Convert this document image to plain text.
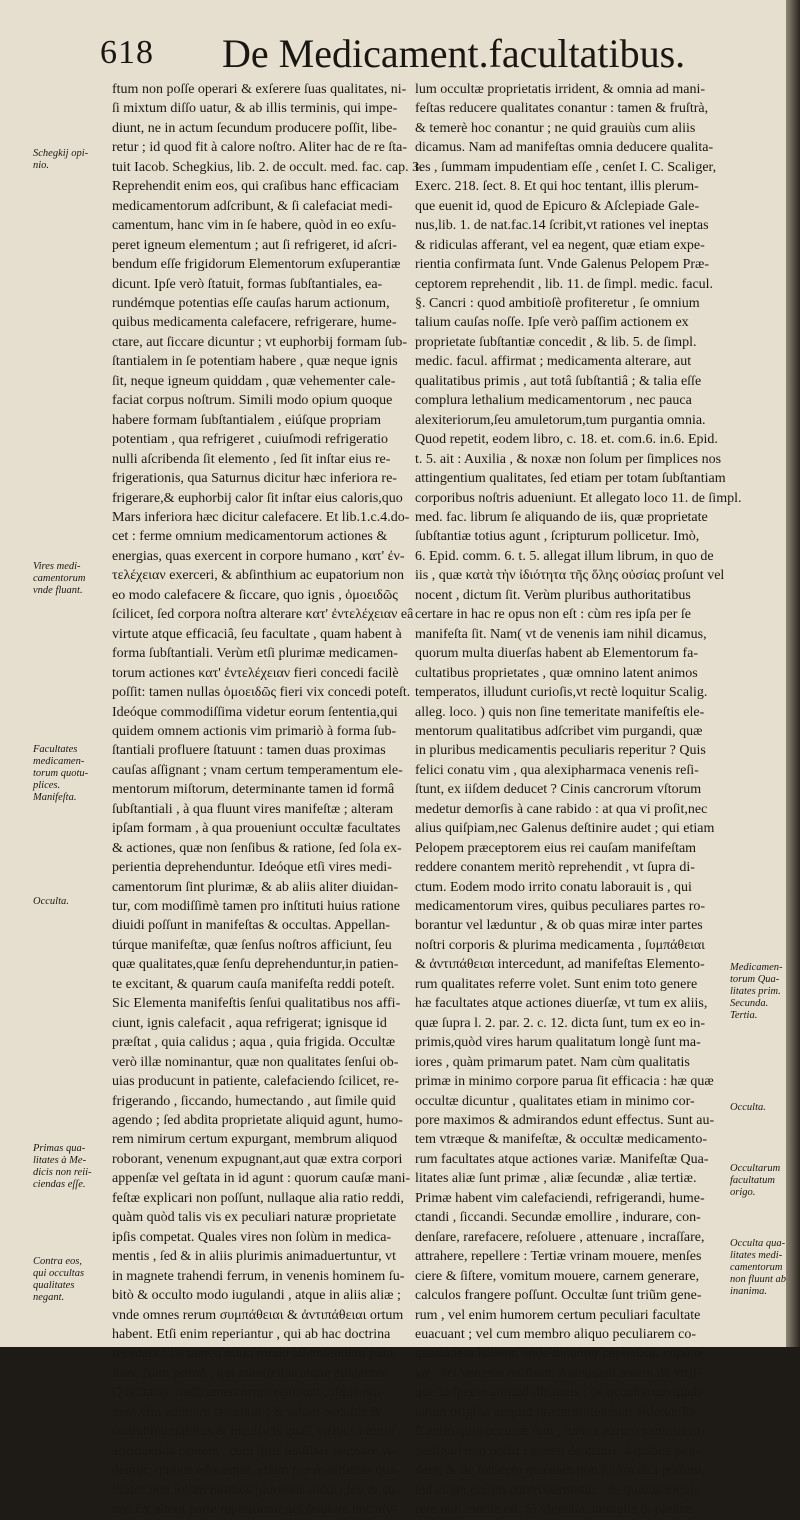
618 De Medicament.facultatibus.
ftum non poſſe operari & exſerere ſuas qualitates, ni-
ſi mixtum diſſo uatur, & ab illis terminis, qui impe-
diunt, ne in actum ſecundum producere poſſit, libe-
retur ; id quod fit à calore noſtro. Aliter hac de re ſta-
tuit Iacob. Schegkius, lib. 2. de occult. med. fac. cap. 3.
Reprehendit enim eos, qui craſibus hanc efficaciam
medicamentorum adſcribunt, & ſi calefaciat medi-
camentum, hanc vim in ſe habere, quòd in eo exſu-
peret igneum elementum ; aut ſi refrigeret, id aſcri-
bendum eſſe frigidorum Elementorum exſuperantiæ
dicunt. Ipſe verò ſtatuit, formas ſubſtantiales, ea-
rundémque potentias eſſe cauſas harum actionum,
quibus medicamenta calefacere, refrigerare, hume-
ctare, aut ſiccare dicuntur ; vt euphorbij formam ſub-
ſtantialem in ſe potentiam habere , quæ neque ignis
ſit, neque igneum quiddam , quæ vehementer cale-
faciat corpus noſtrum. Simili modo opium quoque
habere formam ſubſtantialem , eiúſque propriam
potentiam , qua refrigeret , cuiuſmodi refrigeratio
nulli aſcribenda ſit elemento , ſed ſit inſtar eius re-
frigerationis, qua Saturnus dicitur hæc inferiora re-
frigerare,& euphorbij calor ſit inſtar eius caloris,quo
Mars inferiora hæc dicitur calefacere. Et lib.1.c.4.do-
cet : ferme omnium medicamentorum actiones &
energias, quas exercent in corpore humano , κατ' ἐν-
τελέχειαν exerceri, & abſinthium ac eupatorium non
eo modo calefacere & ſiccare, quo ignis , ὁμοειδῶς
ſcilicet, ſed corpora noſtra alterare κατ' ἐντελέχειαν eâ
virtute atque efficaciâ, ſeu facultate , quam habent à
forma ſubſtantiali. Verùm etſi plurimæ medicamen-
torum actiones κατ' ἐντελέχειαν fieri concedi facilè
poſſit: tamen nullas ὁμοειδῶς fieri vix concedi poteſt.
Ideóque commodiſſima videtur eorum ſententia,qui
quidem omnem actionis vim primariò à forma ſub-
ſtantiali profluere ſtatuunt : tamen duas proximas
cauſas aſſignant ; vnam certum temperamentum ele-
mentorum miſtorum, determinante tamen id formâ
ſubſtantiali , à qua fluunt vires manifeſtæ ; alteram
ipſam formam , à qua proueniunt occultæ facultates
& actiones, quæ non ſenſibus & ratione, ſed ſola ex-
perientia deprehenduntur. Ideóque etſi vires medi-
camentorum ſint plurimæ, & ab aliis aliter diuidan-
tur, com modiſſimè tamen pro inſtituti huius ratione
diuidi poſſunt in manifeſtas & occultas. Appellan-
túrque manifeſtæ, quæ ſenſus noſtros afficiunt, ſeu
quæ qualitates,quæ ſenſu deprehenduntur,in patien-
te excitant, & quarum cauſa manifeſta reddi poteſt.
Sic Elementa manifeſtis ſenſui qualitatibus nos affi-
ciunt, ignis calefacit , aqua refrigerat; ignisque id
præſtat , quia calidus ; aqua , quia frigida. Occultæ
verò illæ nominantur, quæ non qualitates ſenſui ob-
uias producunt in patiente, calefaciendo ſcilicet, re-
frigerando , ſiccando, humectando , aut ſimile quid
agendo ; ſed abdita proprietate aliquid agunt, humo-
rem nimirum certum expurgant, membrum aliquod
roborant, venenum expugnant,aut quæ extra corpori
appenſæ vel geſtata in id agunt : quorum cauſæ mani-
feſtæ explicari non poſſunt, nullaque alia ratio reddi,
quàm quòd talis vis ex peculiari naturæ proprietate
ipſis competat. Quales vires non ſolùm in medica-
mentis , ſed & in aliis plurimis animaduertuntur, vt
in magnete trahendi ferrum, in venenis hominem ſu-
bitò & occulto modo iugulandi , atque in aliis aliæ ;
vnde omnes rerum συμπάθειαι & ἀντιπάθειαι ortum
habent. Etſi enim reperiantur , qui ab hac doctrina
recedant : iis tamen nullo modo aſſentiendum puta-
mus. Nam primò , qui manifeſtas atque euidentes
Qualitates medicamentorum reiiciunt , iſque om-
nem vim adimere conantur , & ſolùm occultis &
conſubſtantialibus & ſpecificis quaſi viribus omnia
attribuenda cenſent , cum ipſis ſenſibus pugnare vi-
dentur; quibus edocemur, etiam per manifeſtas qua-
litates non ſolùm morbos plurimos induci,ſed & cu-
rari.Ex altera parte reperiuntur,qui ſalutare hoc aſy-
lum occultæ proprietatis irrident, & omnia ad mani-
feſtas reducere qualitates conantur : tamen & fruſtrà,
& temerè hoc conantur ; ne quid grauiùs cum aliis
dicamus. Nam ad manifeſtas omnia deducere qualita-
tes , ſummam impudentiam eſſe , cenſet I. C. Scaliger,
Exerc. 218. ſect. 8. Et qui hoc tentant, illis plerum-
que euenit id, quod de Epicuro & Aſclepiade Gale-
nus,lib. 1. de nat.fac.14 ſcribit,vt rationes vel ineptas
& ridiculas afferant, vel ea negent, quæ etiam expe-
rientia confirmata ſunt. Vnde Galenus Pelopem Præ-
ceptorem reprehendit , lib. 11. de ſimpl. medic. facul.
§. Cancri : quod ambitioſè profiteretur , ſe omnium
talium cauſas noſſe. Ipſe verò paſſim actionem ex
proprietate ſubſtantiæ concedit , & lib. 5. de ſimpl.
medic. facul. affirmat ; medicamenta alterare, aut
qualitatibus primis , aut totâ ſubſtantiâ ; & talia eſſe
complura lethalium medicamentorum , nec pauca
alexiteriorum,ſeu amuletorum,tum purgantia omnia.
Quod repetit, eodem libro, c. 18. et. com.6. in.6. Epid.
t. 5. ait : Auxilia , & noxæ non ſolum per ſimplices nos
attingentium qualitates, ſed etiam per totam ſubſtantiam
corporibus noſtris adueniunt. Et allegato loco 11. de ſimpl.
med. fac. librum ſe aliquando de iis, quæ proprietate
ſubſtantiæ totius agunt , ſcripturum pollicetur. Imò,
6. Epid. comm. 6. t. 5. allegat illum librum, in quo de
iis , quæ κατὰ τὴν ἰδιότητα τῆς ὅλης οὐσίας proſunt vel
nocent , dictum ſit. Verùm pluribus authoritatibus
certare in hac re opus non eſt : cùm res ipſa per ſe
manifeſta ſit. Nam( vt de venenis iam nihil dicamus,
quorum multa diuerſas habent ab Elementorum fa-
cultatibus proprietates , quæ omnino latent animos
temperatos, illudunt curioſis,vt rectè loquitur Scalig.
alleg. loco. ) quis non ſine temeritate manifeſtis ele-
mentorum qualitatibus adſcribet vim purgandi, quæ
in pluribus medicamentis peculiaris reperitur ? Quis
felici conatu vim , qua alexipharmaca venenis reſi-
ſtunt, ex iiſdem deducet ? Cinis cancrorum vſtorum
medetur demorſis à cane rabido : at qua vi proſit,nec
alius quiſpiam,nec Galenus deſtinire audet ; qui etiam
Pelopem præceptorem eius rei cauſam manifeſtam
reddere conantem meritò reprehendit , vt ſupra di-
ctum. Eodem modo irrito conatu laborauit is , qui
medicamentorum vires, quibus peculiares partes ro-
borantur vel læduntur , & ob quas miræ inter partes
noſtri corporis & plurima medicamenta , ſυμπάθειαι
& ἀντιπάθειαι intercedunt, ad manifeſtas Elemento-
rum qualitates referre volet. Sunt enim toto genere
hæ facultates atque actiones diuerſæ, vt tum ex aliis,
quæ ſupra l. 2. par. 2. c. 12. dicta ſunt, tum ex eo in-
primis,quòd vires harum qualitatum longè ſunt ma-
iores , quàm primarum patet. Nam cùm qualitatis
primæ in minimo corpore parua ſit efficacia : hæ quæ
occultæ dicuntur , qualitates etiam in minimo cor-
pore maximos & admirandos edunt effectus. Sunt au-
tem vtræque & manifeſtæ, & occultæ medicamento-
rum facultates atque actiones variæ. Manifeſtæ Qua-
litates aliæ ſunt primæ , aliæ ſecundæ , aliæ tertiæ.
Primæ habent vim calefaciendi, refrigerandi, hume-
ctandi , ſiccandi. Secundæ emollire , indurare, con-
denſare, rarefacere, reſoluere , attenuare , incraſſare,
attrahere, repellere : Tertiæ vrinam mouere, menſes
ciere & ſiſtere, vomitum mouere, carnem generare,
calculos frangere poſſunt. Occultæ ſunt triũm gene-
rum , vel enim humorem certum peculiari facultate
euacuant ; vel cum membro aliquo peculiarem co-
gnationem habent, vnde dicuntur cephalica, καρδια-
κά ; vel venenis reſiſtunt. Antequam autem de vtriſ-
que in ſpecie aliquid dicamus : de occultarum quali-
tatum origine aliquid prætermittendum videtur. Et-
ſi enim quia occultæ ſunt , natura earum penitius in-
ueſtigari non poſſit : tamen de cauſis, à quibus pen-
dent, & de ſubiecto quædam non ſolùm dici poſſunt,
ſed etiam paſſim controuertuntur , de quibus inqui-
rere non inutile eſt. Si viuentia animalia & plantæ
Schegkij opi-
nio.
Vires medi-
camentorum
vnde fluant.
Facultates
medicamen-
torum quotu-
plices.
Manifeſta.
Occulta.
Primas qua-
litates à Me-
dicis non reii-
ciendas eſſe.
Contra eos,
qui occultas
qualitates
negant.
Medicamen-
torum Qua-
litates prim.
Secunda.
Tertia.
Occulta.
Occultarum
facultatum
origo.
Occulta qua-
litates medi-
camentorum
non fluunt ab
inanima.
